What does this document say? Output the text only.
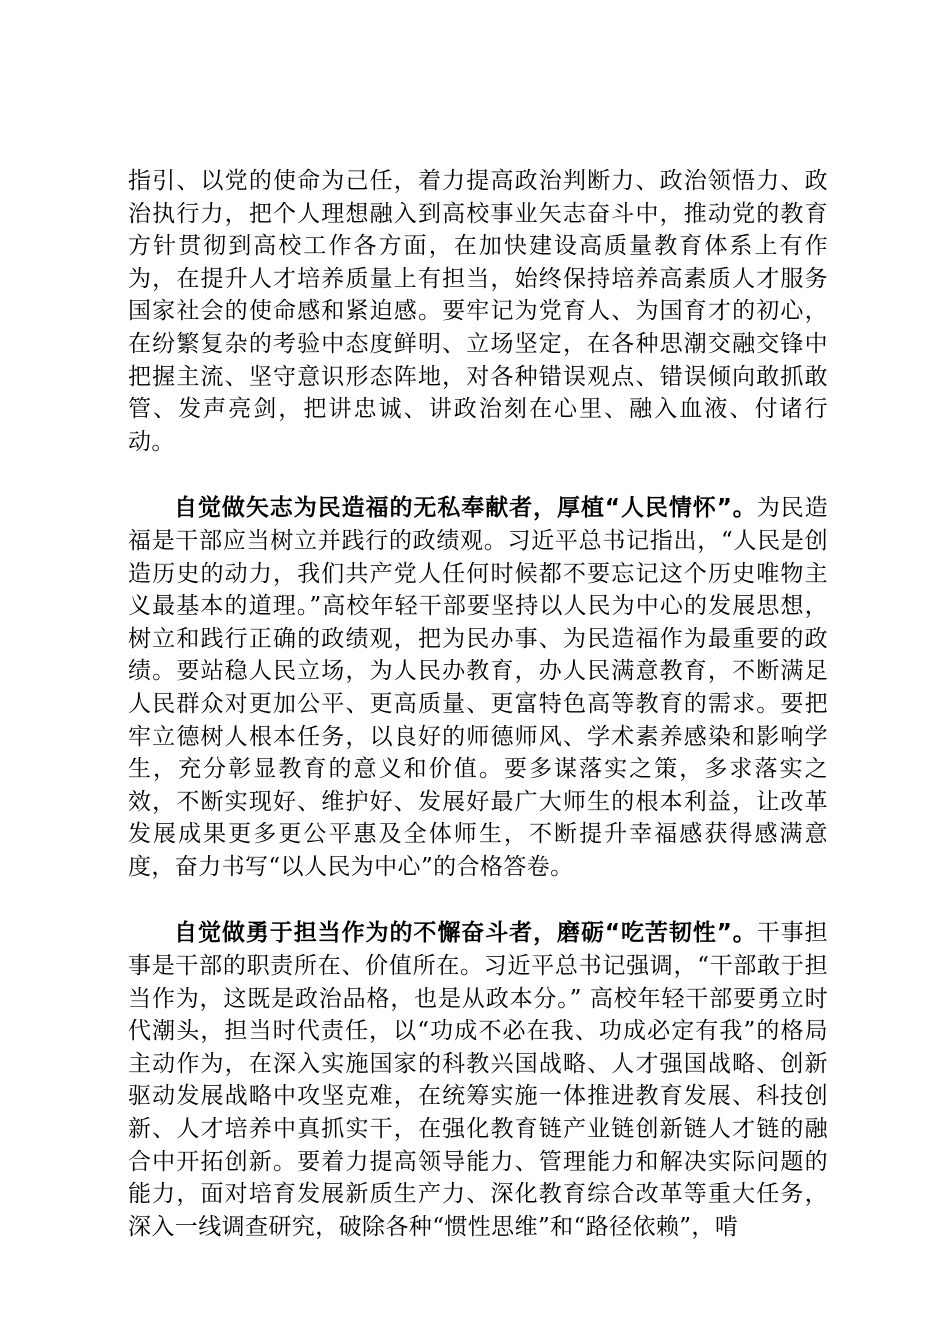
指引、以党的使命为己任，着力提高政治判断力、政治领悟力、政治执行力，把个人理想融入到高校事业矢志奋斗中，推动党的教育方针贯彻到高校工作各方面，在加快建设高质量教育体系上有作为，在提升人才培养质量上有担当，始终保持培养高素质人才服务国家社会的使命感和紧迫感。要牢记为党育人、为国育才的初心，在纷繁复杂的考验中态度鲜明、立场坚定，在各种思潮交融交锋中把握主流、坚守意识形态阵地，对各种错误观点、错误倾向敢抓敢管、发声亮剑，把讲忠诚、讲政治刻在心里、融入血液、付诸行动。

自觉做矢志为民造福的无私奉献者，厚植“人民情怀”。为民造福是干部应当树立并践行的政绩观。习近平总书记指出，“人民是创造历史的动力，我们共产党人任何时候都不要忘记这个历史唯物主义最基本的道理。”高校年轻干部要坚持以人民为中心的发展思想，树立和践行正确的政绩观，把为民办事、为民造福作为最重要的政绩。要站稳人民立场，为人民办教育，办人民满意教育，不断满足人民群众对更加公平、更高质量、更富特色高等教育的需求。要把牢立德树人根本任务，以良好的师德师风、学术素养感染和影响学生，充分彰显教育的意义和价值。要多谋落实之策，多求落实之效，不断实现好、维护好、发展好最广大师生的根本利益，让改革发展成果更多更公平惠及全体师生，不断提升幸福感获得感满意度，奋力书写“以人民为中心”的合格答卷。

自觉做勇于担当作为的不懈奋斗者，磨砺“吃苦韧性”。干事担事是干部的职责所在、价值所在。习近平总书记强调，“干部敢于担当作为，这既是政治品格，也是从政本分。” 高校年轻干部要勇立时代潮头，担当时代责任，以“功成不必在我、功成必定有我”的格局主动作为，在深入实施国家的科教兴国战略、人才强国战略、创新驱动发展战略中攻坚克难，在统筹实施一体推进教育发展、科技创新、人才培养中真抓实干，在强化教育链产业链创新链人才链的融合中开拓创新。要着力提高领导能力、管理能力和解决实际问题的能力，面对培育发展新质生产力、深化教育综合改革等重大任务，深入一线调查研究，破除各种“惯性思维”和“路径依赖”，啃
